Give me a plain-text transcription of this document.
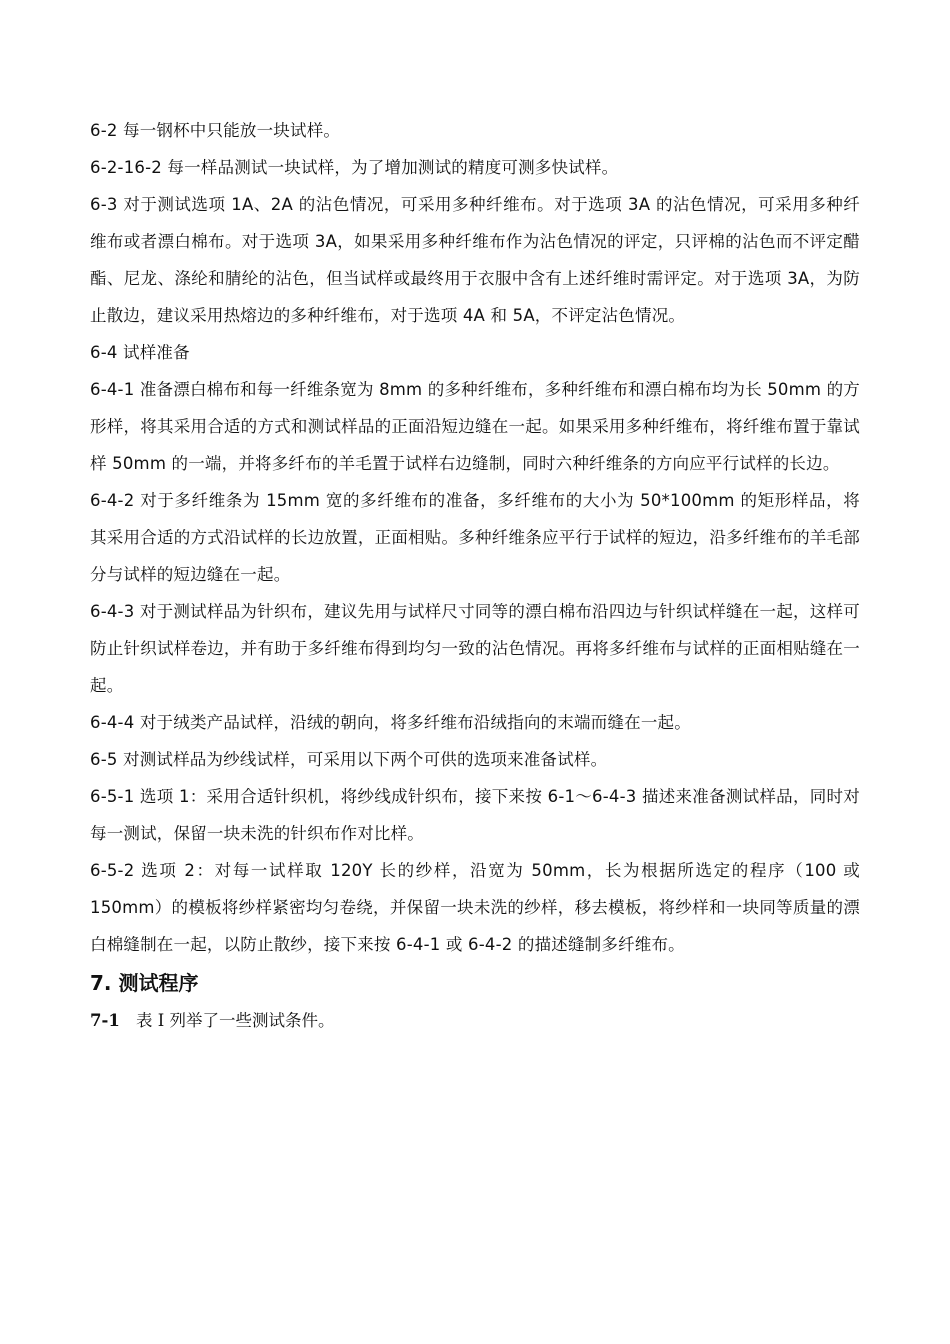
6-2 每一钢杯中只能放一块试样。

6-2-16-2 每一样品测试一块试样，为了增加测试的精度可测多快试样。

6-3 对于测试选项 1A、2A 的沾色情况，可采用多种纤维布。对于选项 3A 的沾色情况，可采用多种纤维布或者漂白棉布。对于选项 3A，如果采用多种纤维布作为沾色情况的评定，只评棉的沾色而不评定醋酯、尼龙、涤纶和腈纶的沾色，但当试样或最终用于衣服中含有上述纤维时需评定。对于选项 3A，为防止散边，建议采用热熔边的多种纤维布，对于选项 4A 和 5A，不评定沾色情况。

6-4 试样准备

6-4-1 准备漂白棉布和每一纤维条宽为 8mm 的多种纤维布，多种纤维布和漂白棉布均为长 50mm 的方形样，将其采用合适的方式和测试样品的正面沿短边缝在一起。如果采用多种纤维布，将纤维布置于靠试样 50mm 的一端，并将多纤布的羊毛置于试样右边缝制，同时六种纤维条的方向应平行试样的长边。

6-4-2 对于多纤维条为 15mm 宽的多纤维布的准备，多纤维布的大小为 50*100mm 的矩形样品，将其采用合适的方式沿试样的长边放置，正面相贴。多种纤维条应平行于试样的短边，沿多纤维布的羊毛部分与试样的短边缝在一起。

6-4-3 对于测试样品为针织布，建议先用与试样尺寸同等的漂白棉布沿四边与针织试样缝在一起，这样可防止针织试样卷边，并有助于多纤维布得到均匀一致的沾色情况。再将多纤维布与试样的正面相贴缝在一起。

6-4-4 对于绒类产品试样，沿绒的朝向，将多纤维布沿绒指向的末端而缝在一起。

6-5 对测试样品为纱线试样，可采用以下两个可供的选项来准备试样。

6-5-1 选项 1：采用合适针织机，将纱线成针织布，接下来按 6-1～6-4-3 描述来准备测试样品，同时对每一测试，保留一块未洗的针织布作对比样。

6-5-2 选项 2：对每一试样取 120Y 长的纱样，沿宽为 50mm，长为根据所选定的程序（100 或 150mm）的模板将纱样紧密均匀卷绕，并保留一块未洗的纱样，移去模板，将纱样和一块同等质量的漂白棉缝制在一起，以防止散纱，接下来按 6-4-1 或 6-4-2 的描述缝制多纤维布。

7. 测试程序

7-1 表 I 列举了一些测试条件。
